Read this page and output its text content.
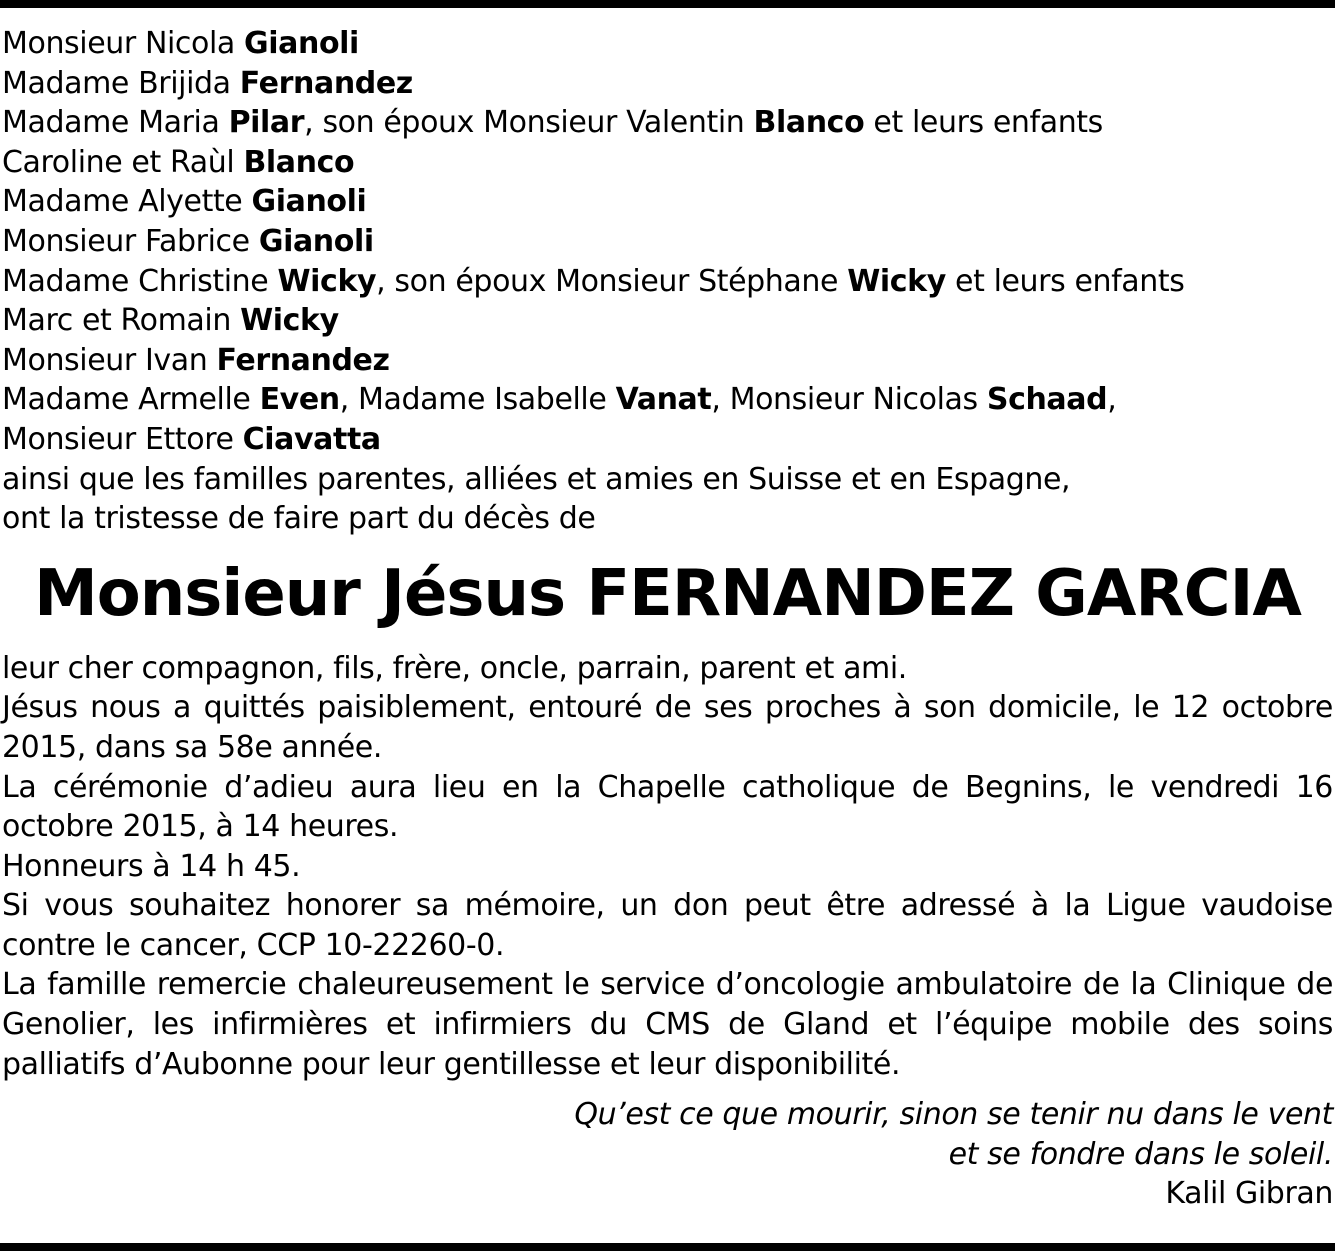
Monsieur Nicola Gianoli
Madame Brijida Fernandez
Madame Maria Pilar, son époux Monsieur Valentin Blanco et leurs enfants
Caroline et Raùl Blanco
Madame Alyette Gianoli
Monsieur Fabrice Gianoli
Madame Christine Wicky, son époux Monsieur Stéphane Wicky et leurs enfants
Marc et Romain Wicky
Monsieur Ivan Fernandez
Madame Armelle Even, Madame Isabelle Vanat, Monsieur Nicolas Schaad,
Monsieur Ettore Ciavatta
ainsi que les familles parentes, alliées et amies en Suisse et en Espagne,
ont la tristesse de faire part du décès de
Monsieur Jésus FERNANDEZ GARCIA
leur cher compagnon, fils, frère, oncle, parrain, parent et ami.
Jésus nous a quittés paisiblement, entouré de ses proches à son domicile, le 12 octobre 2015, dans sa 58e année.
La cérémonie d’adieu aura lieu en la Chapelle catholique de Begnins, le vendredi 16 octobre 2015, à 14 heures.
Honneurs à 14 h 45.
Si vous souhaitez honorer sa mémoire, un don peut être adressé à la Ligue vaudoise contre le cancer, CCP 10-22260-0.
La famille remercie chaleureusement le service d’oncologie ambulatoire de la Clinique de Genolier, les infirmières et infirmiers du CMS de Gland et l’équipe mobile des soins palliatifs d’Aubonne pour leur gentillesse et leur disponibilité.
Qu’est ce que mourir, sinon se tenir nu dans le vent
et se fondre dans le soleil.
Kalil Gibran
